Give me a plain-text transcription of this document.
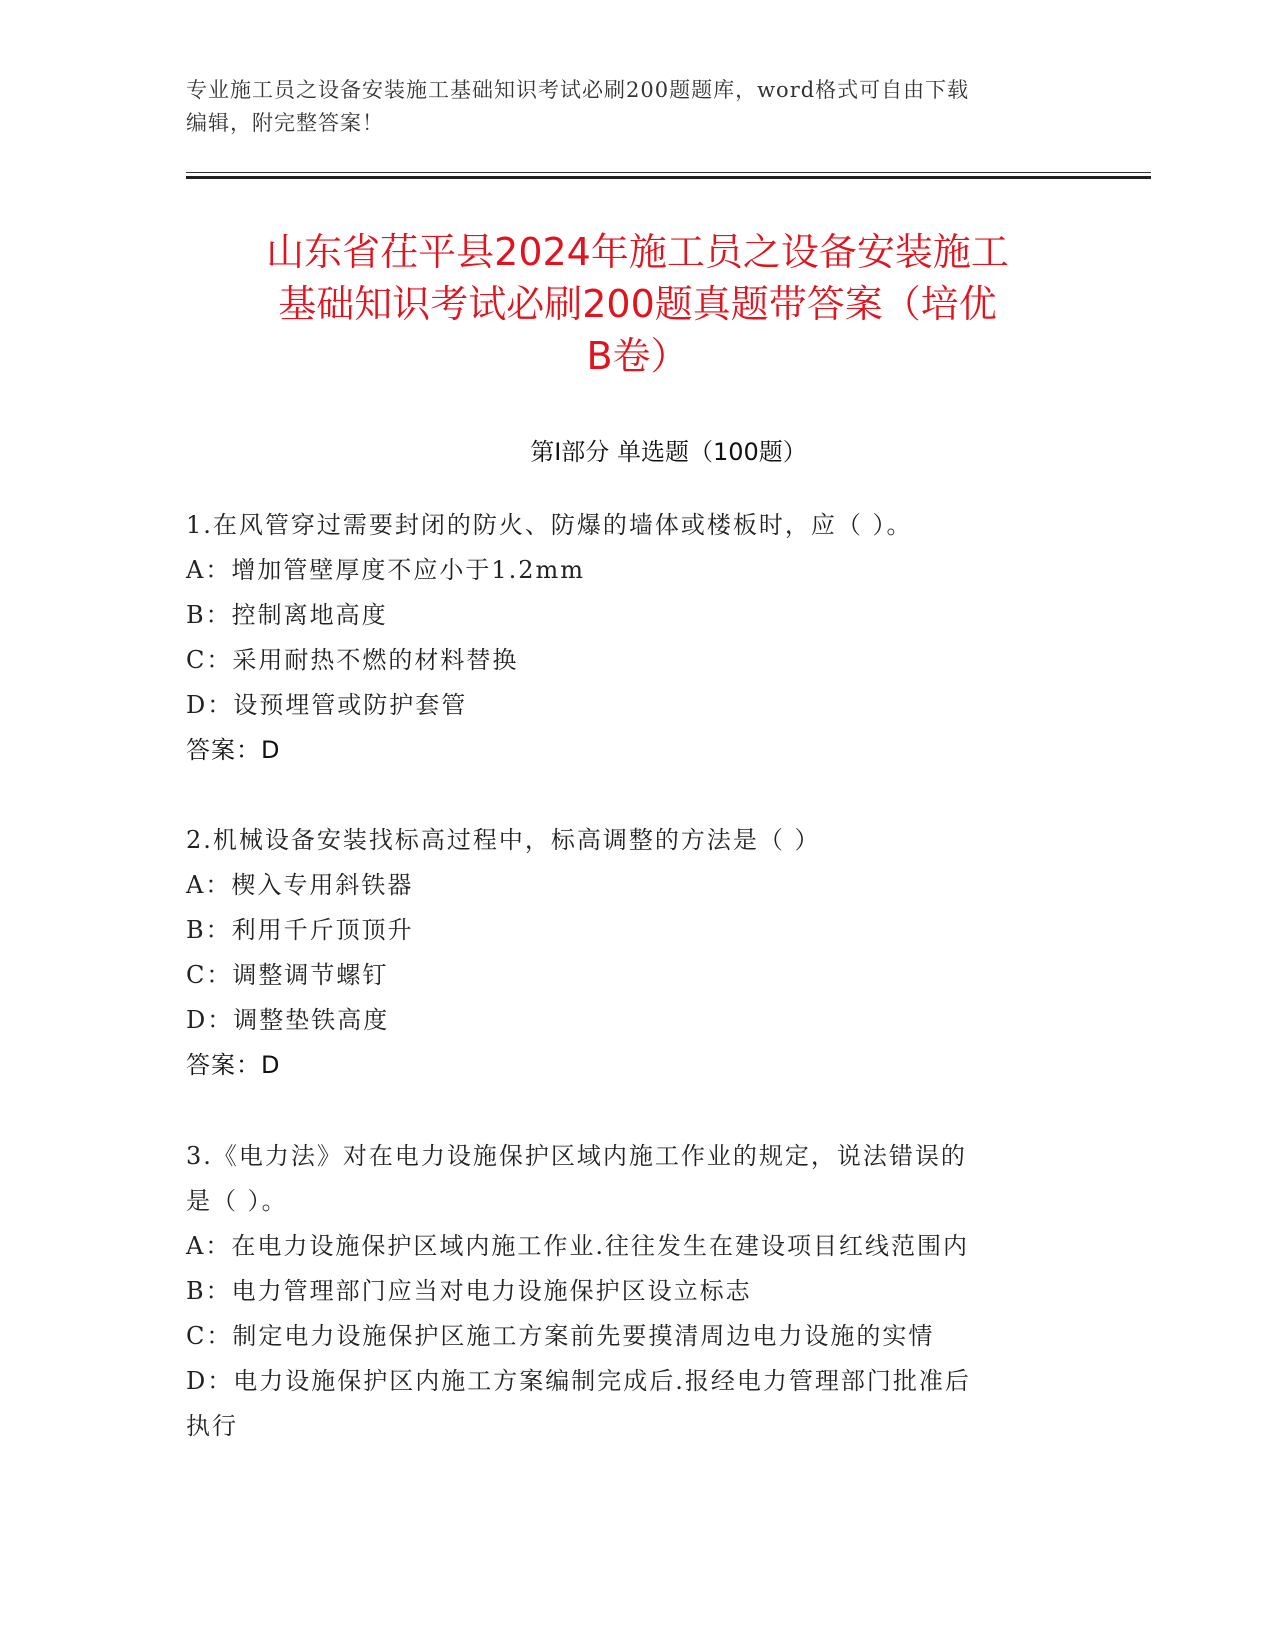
专业施工员之设备安装施工基础知识考试必刷200题题库，word格式可自由下载
编辑，附完整答案！
山东省茌平县2024年施工员之设备安装施工
基础知识考试必刷200题真题带答案（培优
B卷）
第Ⅰ部分 单选题（100题）
1.在风管穿过需要封闭的防火、防爆的墙体或楼板时，应（ ）。
A：增加管壁厚度不应小于1.2mm
B：控制离地高度
C：采用耐热不燃的材料替换
D：设预埋管或防护套管
答案：D
2.机械设备安装找标高过程中，标高调整的方法是（ ）
A：楔入专用斜铁器
B：利用千斤顶顶升
C：调整调节螺钉
D：调整垫铁高度
答案：D
3.《电力法》对在电力设施保护区域内施工作业的规定，说法错误的
是（ ）。
A：在电力设施保护区域内施工作业.往往发生在建设项目红线范围内
B：电力管理部门应当对电力设施保护区设立标志
C：制定电力设施保护区施工方案前先要摸清周边电力设施的实情
D：电力设施保护区内施工方案编制完成后.报经电力管理部门批准后
执行
